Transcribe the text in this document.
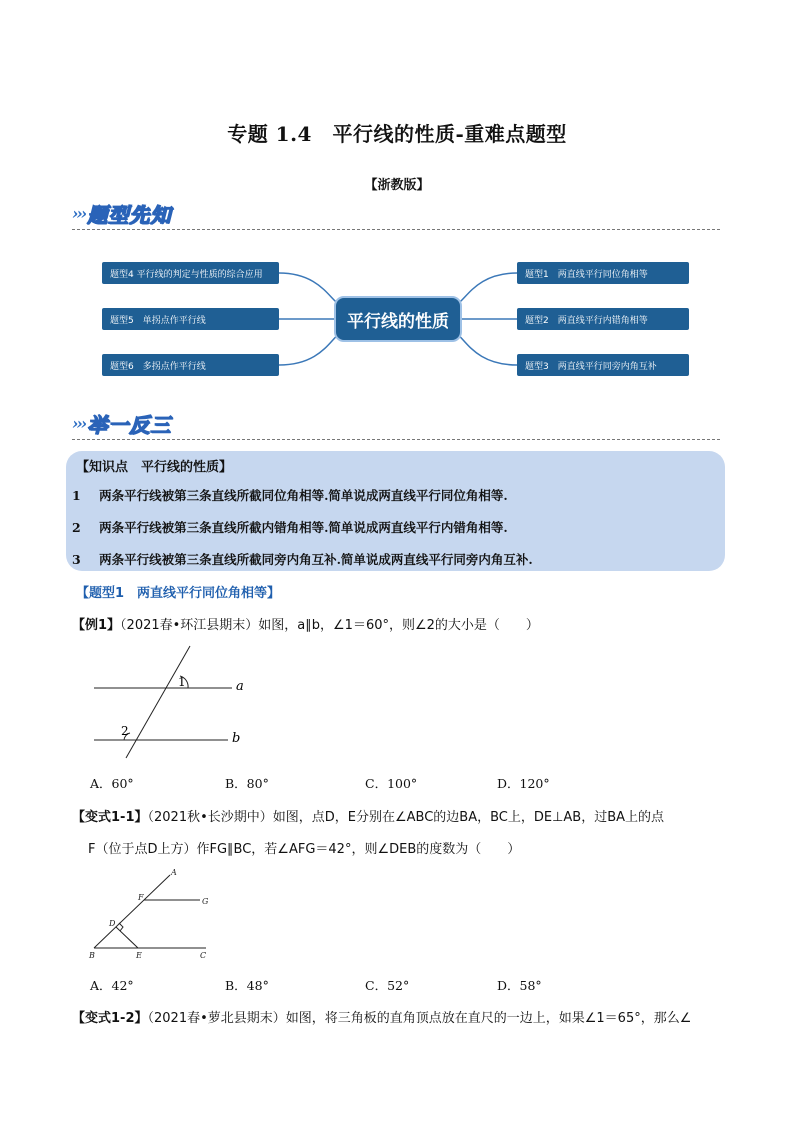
专题 1.4　平行线的性质-重难点题型
【浙教版】
››› 题型先知
题型4 平行线的判定与性质的综合应用
题型5　单拐点作平行线
题型6　多拐点作平行线
平行线的性质
题型1　两直线平行同位角相等
题型2　两直线平行内错角相等
题型3　两直线平行同旁内角互补
››› 举一反三
【知识点　平行线的性质】
1 两条平行线被第三条直线所截同位角相等.简单说成两直线平行同位角相等.
2 两条平行线被第三条直线所截内错角相等.简单说成两直线平行内错角相等.
3 两条平行线被第三条直线所截同旁内角互补.简单说成两直线平行同旁内角互补.
【题型1　两直线平行同位角相等】
【例1】（2021春•环江县期末）如图，a∥b，∠1＝60°，则∠2的大小是（　　）
a
b
1
2
A．60°	B．80°	C．100°	D．120°
【变式1-1】（2021秋•长沙期中）如图，点D，E分别在∠ABC的边BA，BC上，DE⊥AB，过BA上的点
F（位于点D上方）作FG∥BC，若∠AFG＝42°，则∠DEB的度数为（　　）
A
F	G
D
B	E	C
A．42°	B．48°	C．52°	D．58°
【变式1-2】（2021春•萝北县期末）如图，将三角板的直角顶点放在直尺的一边上，如果∠1＝65°，那么∠
